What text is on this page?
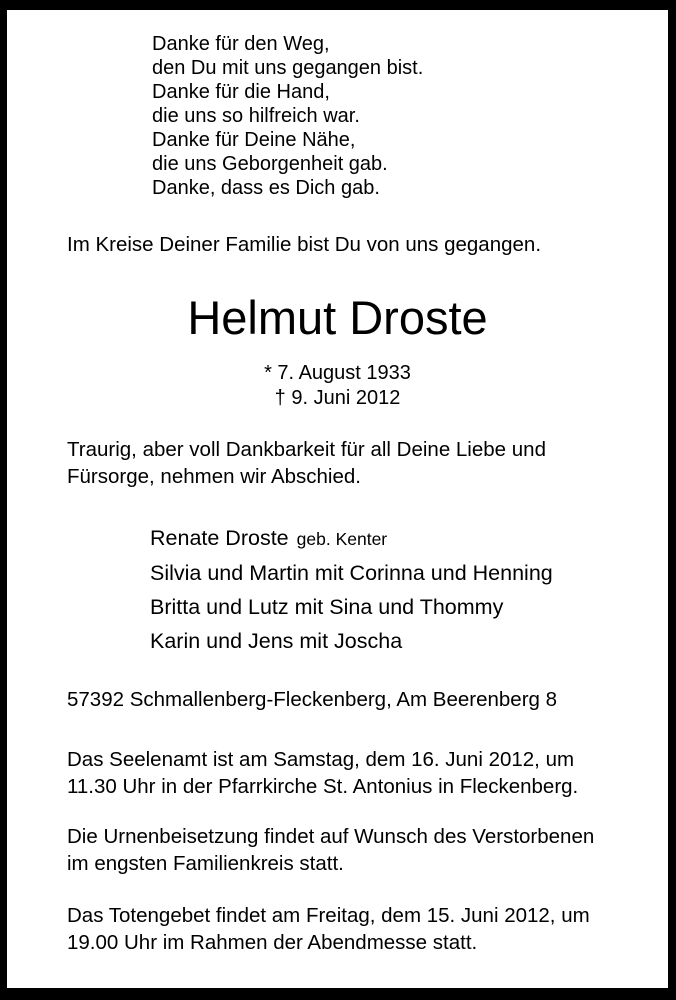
Danke für den Weg,
den Du mit uns gegangen bist.
Danke für die Hand,
die uns so hilfreich war.
Danke für Deine Nähe,
die uns Geborgenheit gab.
Danke, dass es Dich gab.
Im Kreise Deiner Familie bist Du von uns gegangen.
Helmut Droste
* 7. August 1933
† 9. Juni 2012
Traurig, aber voll Dankbarkeit für all Deine Liebe und
Fürsorge, nehmen wir Abschied.
Renate Droste geb. Kenter
Silvia und Martin mit Corinna und Henning
Britta und Lutz mit Sina und Thommy
Karin und Jens mit Joscha
57392 Schmallenberg-Fleckenberg, Am Beerenberg 8
Das Seelenamt ist am Samstag, dem 16. Juni 2012, um
11.30 Uhr in der Pfarrkirche St. Antonius in Fleckenberg.
Die Urnenbeisetzung findet auf Wunsch des Verstorbenen
im engsten Familienkreis statt.
Das Totengebet findet am Freitag, dem 15. Juni 2012, um
19.00 Uhr im Rahmen der Abendmesse statt.
